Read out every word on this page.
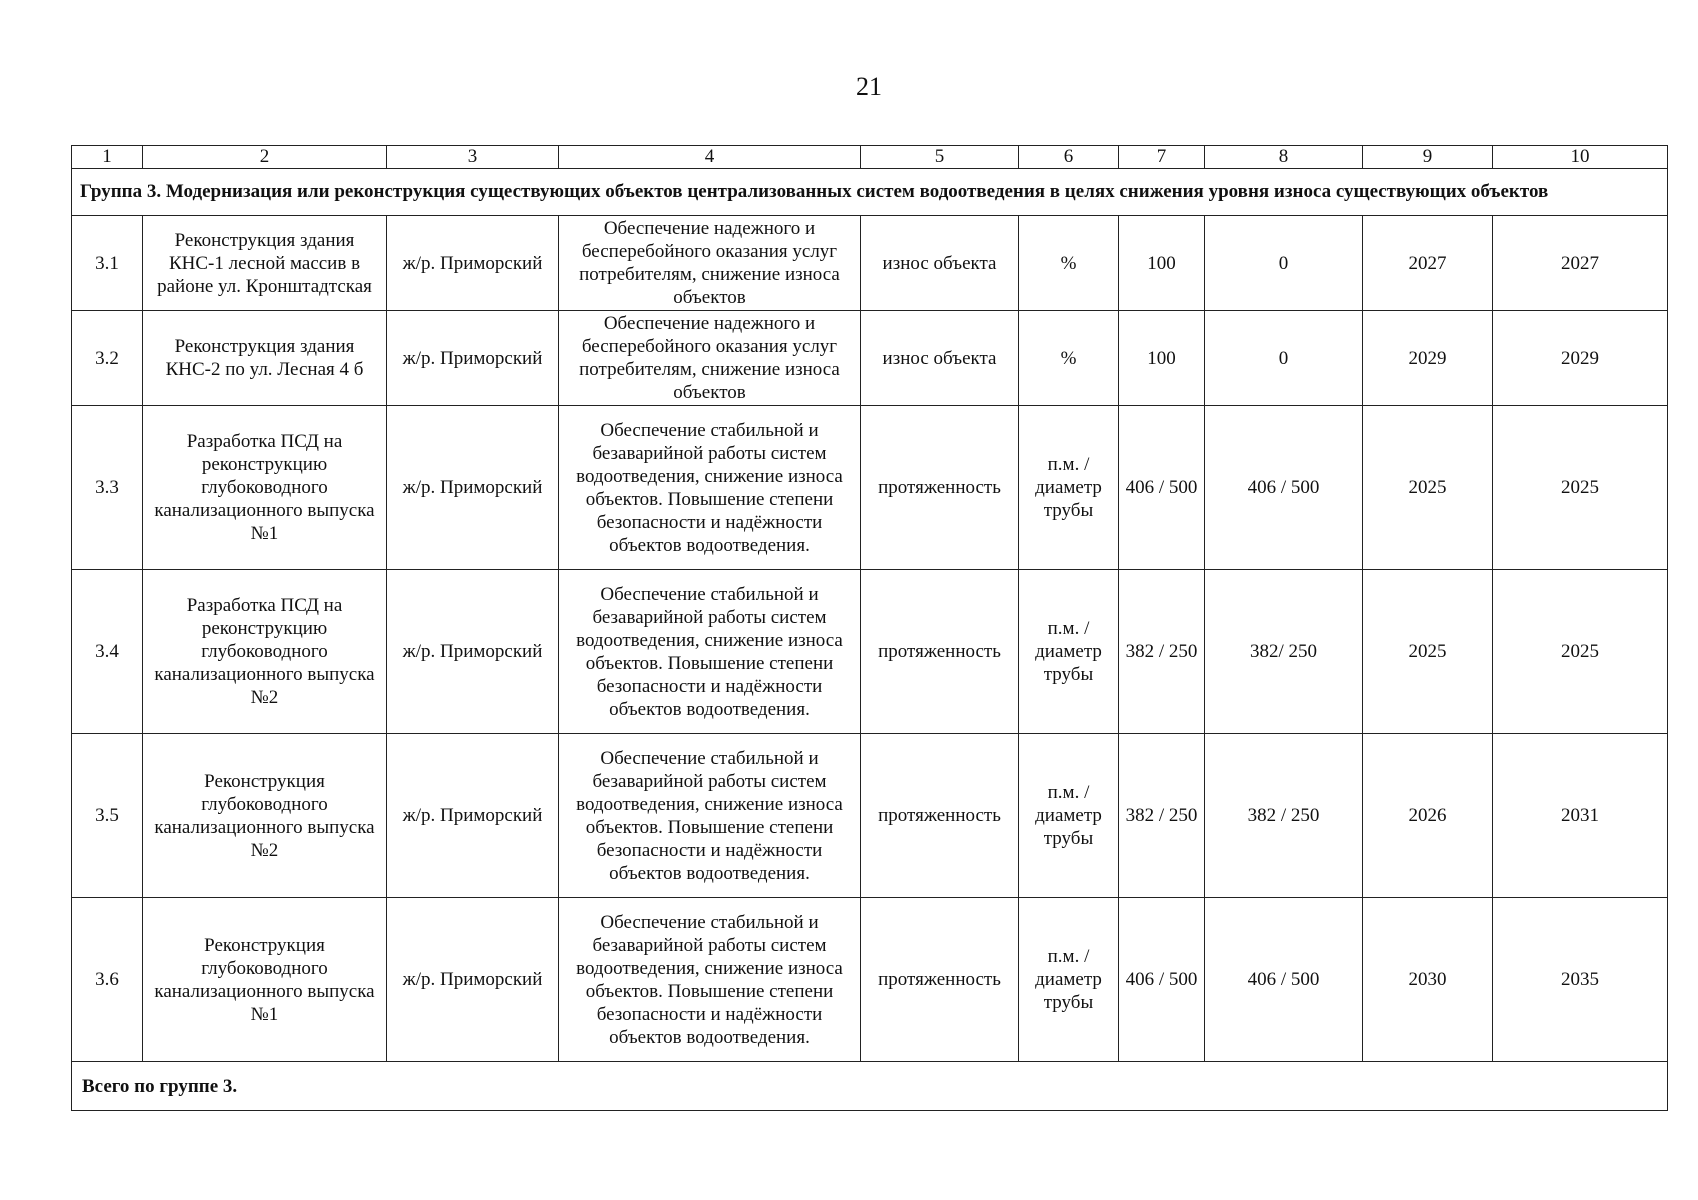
21
1	2	3	4	5	6	7	8	9	10
Группа 3. Модернизация или реконструкция существующих объектов централизованных систем водоотведения в целях снижения уровня износа существующих объектов									
3.1	Реконструкция здания КНС-1 лесной массив в районе ул. Кронштадтская	ж/р. Приморский	Обеспечение надежного и бесперебойного оказания услуг потребителям, снижение износа объектов	износ объекта	%	100	0	2027	2027
3.2	Реконструкция здания КНС-2 по ул. Лесная 4 б	ж/р. Приморский	Обеспечение надежного и бесперебойного оказания услуг потребителям, снижение износа объектов	износ объекта	%	100	0	2029	2029
3.3	Разработка ПСД на реконструкцию глубоководного канализационного выпуска №1	ж/р. Приморский	Обеспечение стабильной и безаварийной работы систем водоотведения, снижение износа объектов. Повышение степени безопасности и надёжности объектов водоотведения.	протяженность	п.м. / диаметр трубы	406 / 500	406 / 500	2025	2025
3.4	Разработка ПСД на реконструкцию глубоководного канализационного выпуска №2	ж/р. Приморский	Обеспечение стабильной и безаварийной работы систем водоотведения, снижение износа объектов. Повышение степени безопасности и надёжности объектов водоотведения.	протяженность	п.м. / диаметр трубы	382 / 250	382/ 250	2025	2025
3.5	Реконструкция глубоководного канализационного выпуска №2	ж/р. Приморский	Обеспечение стабильной и безаварийной работы систем водоотведения, снижение износа объектов. Повышение степени безопасности и надёжности объектов водоотведения.	протяженность	п.м. / диаметр трубы	382 / 250	382 / 250	2026	2031
3.6	Реконструкция глубоководного канализационного выпуска №1	ж/р. Приморский	Обеспечение стабильной и безаварийной работы систем водоотведения, снижение износа объектов. Повышение степени безопасности и надёжности объектов водоотведения.	протяженность	п.м. / диаметр трубы	406 / 500	406 / 500	2030	2035
Всего по группе 3.									
